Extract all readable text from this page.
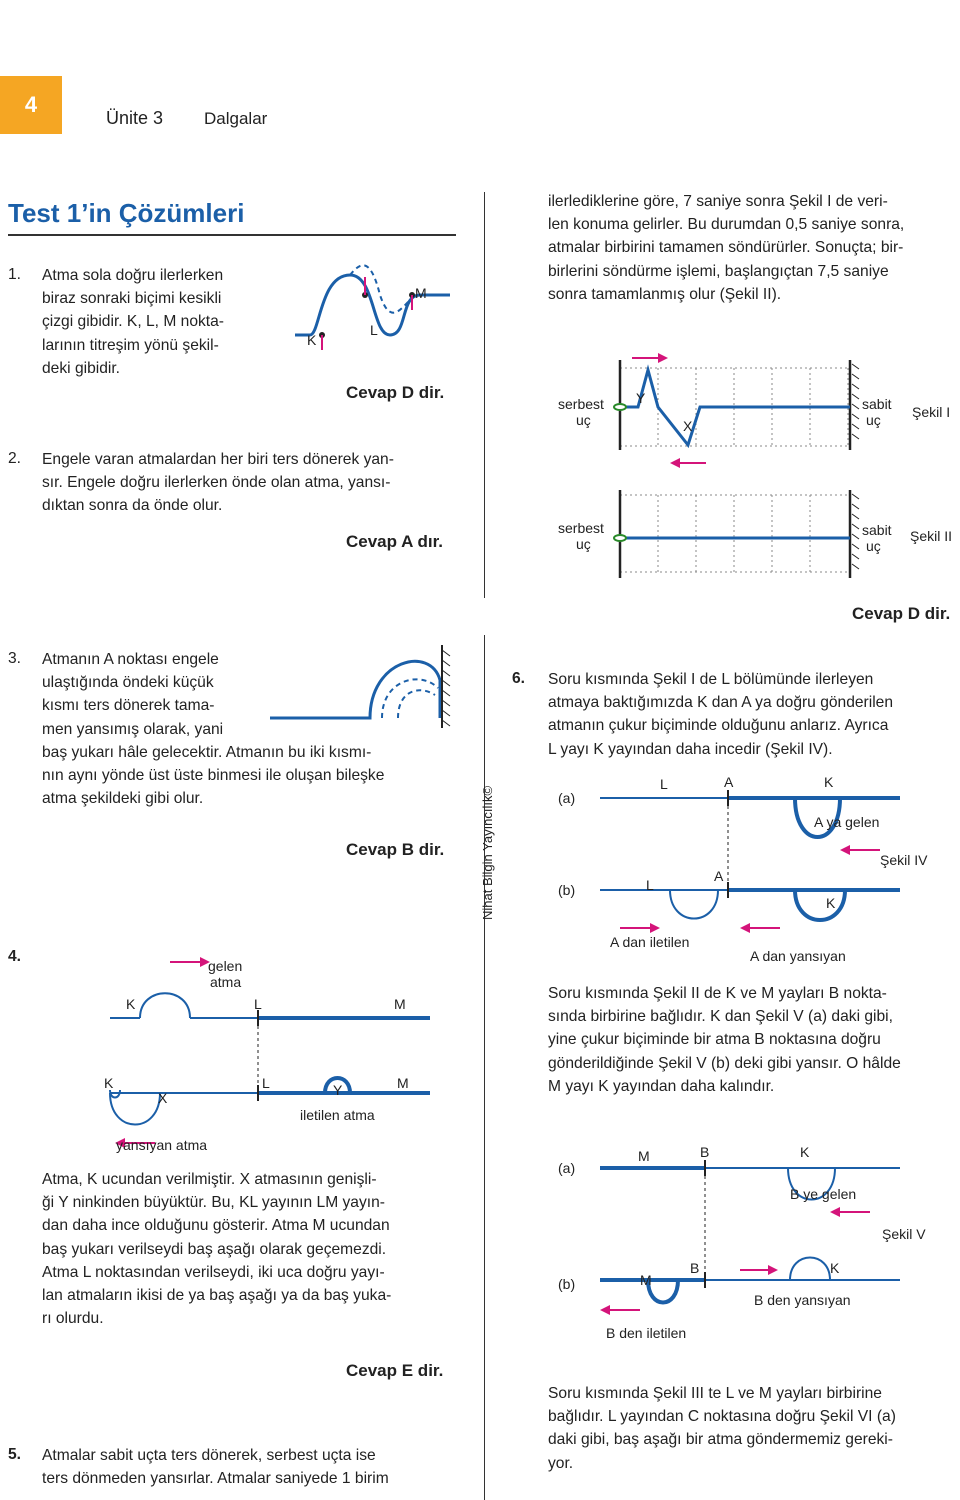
4
Ünite 3 Dalgalar
Test 1’in Çözümleri
Nihat Bilgin Yayıncılık©
1. Atma sola doğru ilerlerken
biraz sonraki biçimi kesikli
çizgi gibidir. K, L, M nokta-
larının titreşim yönü şekil-
deki gibidir.
K
L
M
Cevap D dir.
2. Engele varan atmalardan her biri ters dönerek yan-
sır. Engele doğru ilerlerken önde olan atma, yansı-
dıktan sonra da önde olur.
Cevap A dır.
3. Atmanın A noktası engele
ulaştığında öndeki küçük
kısmı ters dönerek tama-
men yansımış olarak, yani
baş yukarı hâle gelecektir. Atmanın bu iki kısmı-
nın aynı yönde üst üste binmesi ile oluşan bileşke
atma şekildeki gibi olur.
Cevap B dir.
4.
gelen
atma
K	L	M
K
X
L	Y	M
iletilen atma
yansıyan atma
Atma, K ucundan verilmiştir. X atmasının genişli-
ği Y ninkinden büyüktür. Bu, KL yayının LM yayın-
dan daha ince olduğunu gösterir. Atma M ucundan
baş yukarı verilseydi baş aşağı olarak geçemezdi.
Atma L noktasından verilseydi, iki uca doğru yayı-
lan atmaların ikisi de ya baş aşağı ya da baş yuka-
rı olurdu.
Cevap E dir.
5. Atmalar sabit uçta ters dönerek, serbest uçta ise
ters dönmeden yansırlar. Atmalar saniyede 1 birim
ilerlediklerine göre, 7 saniye sonra Şekil I de veri-
len konuma gelirler. Bu durumdan 0,5 saniye sonra,
atmalar birbirini tamamen söndürürler. Sonuçta; bir-
birlerini söndürme işlemi, başlangıçtan 7,5 saniye
sonra tamamlanmış olur (Şekil II).
serbest
uç
Y
X
sabit
uç Şekil I
serbest
uç
sabit
uç
Şekil II
Cevap D dir.
6. Soru kısmında Şekil I de L bölümünde ilerleyen
atmaya baktığımızda K dan A ya doğru gönderilen
atmanın çukur biçiminde olduğunu anlarız. Ayrıca
L yayı K yayından daha incedir (Şekil IV).
(a)
L	A	K
A ya gelen
Şekil IV
(b)	L
A
K
A dan iletilen
A dan yansıyan
Soru kısmında Şekil II de K ve M yayları B nokta-
sında birbirine bağlıdır. K dan Şekil V (a) daki gibi,
yine çukur biçiminde bir atma B noktasına doğru
gönderildiğinde Şekil V (b) deki gibi yansır. O hâlde
M yayı K yayından daha kalındır.
(a)
M	B	K
B ye gelen
Şekil V
(b)	M
B	K
B den yansıyan
B den iletilen
Soru kısmında Şekil III te L ve M yayları birbirine
bağlıdır. L yayından C noktasına doğru Şekil VI (a)
daki gibi, baş aşağı bir atma göndermemiz gereki-
yor.
